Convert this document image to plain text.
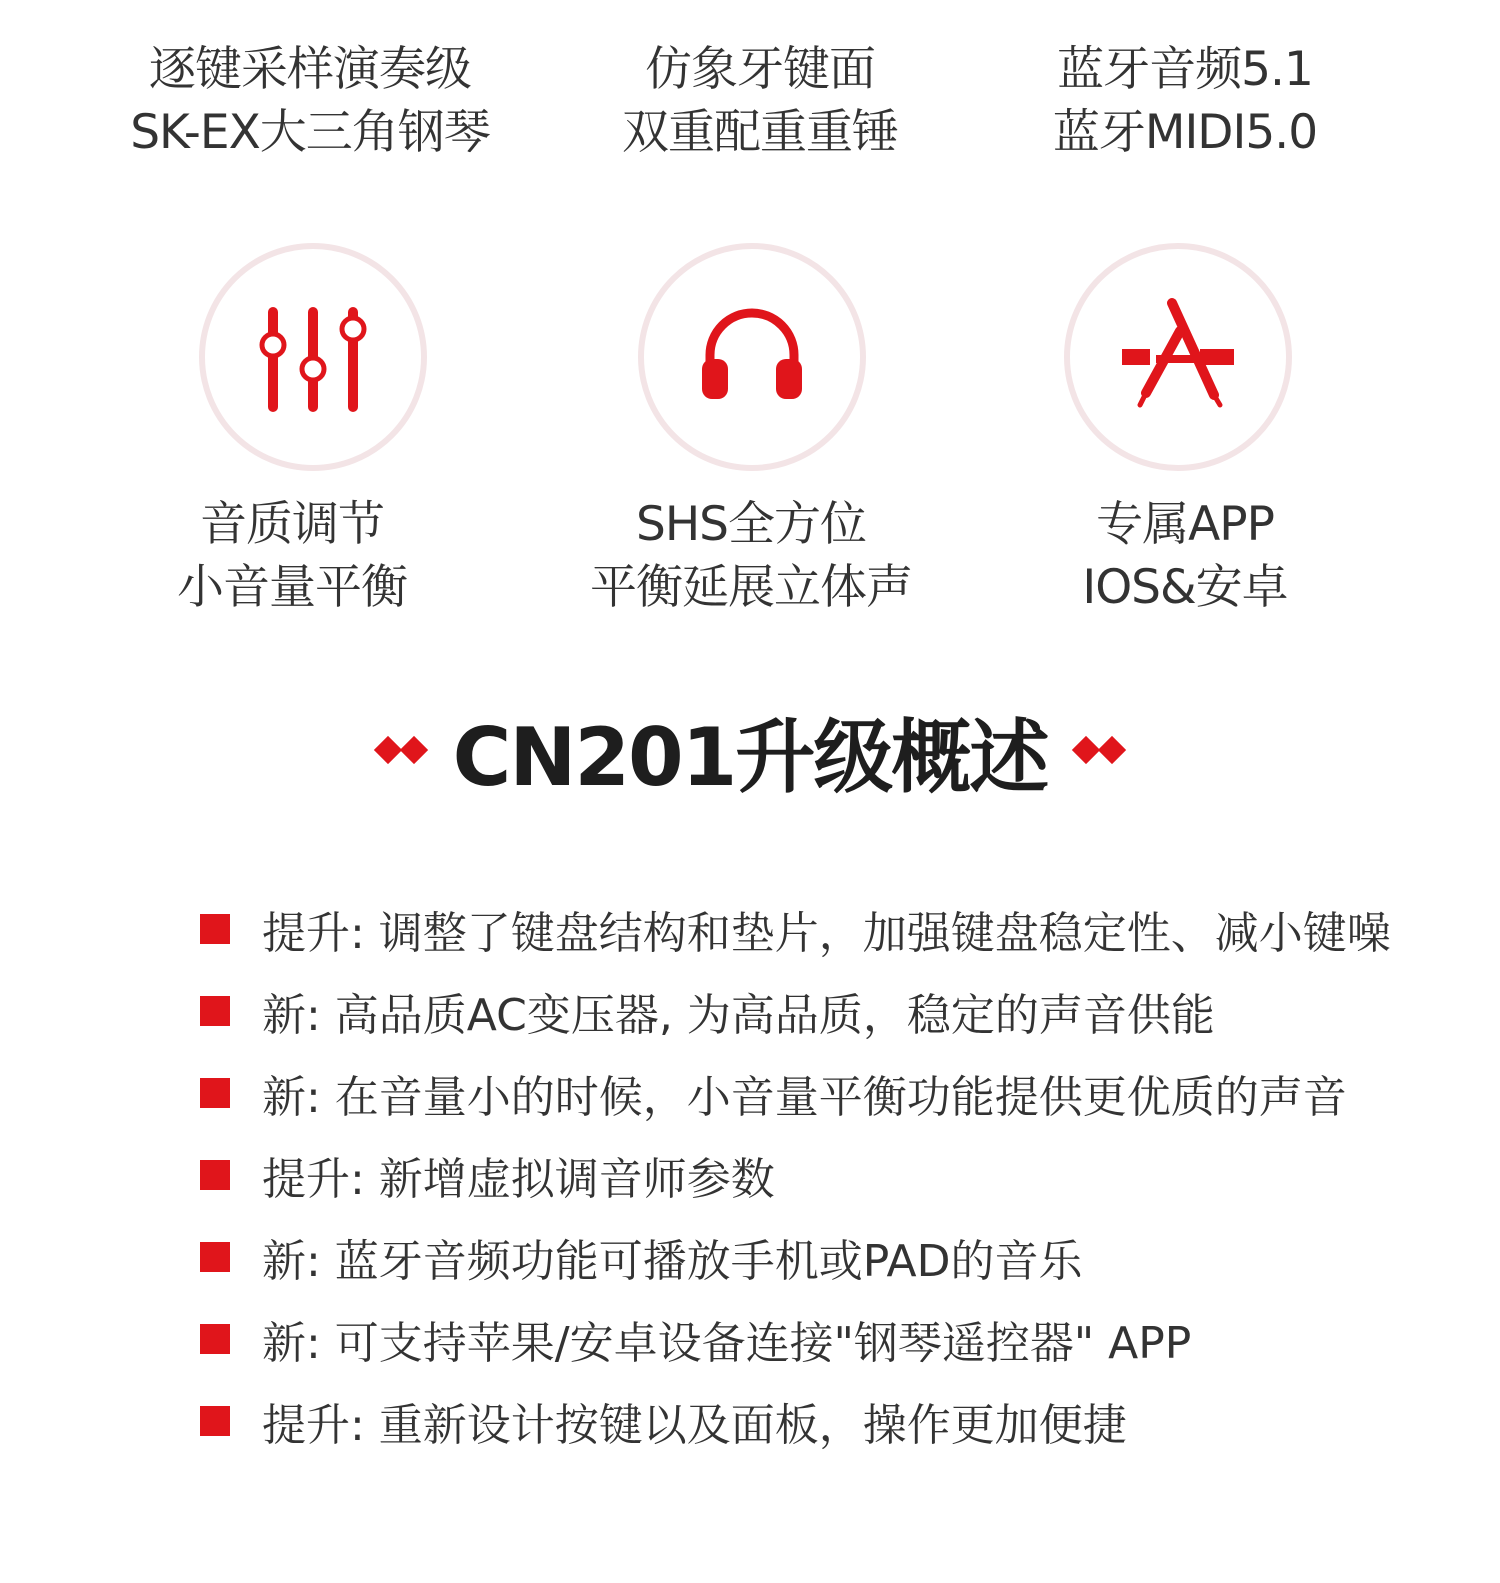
逐键采样演奏级
SK-EX大三角钢琴
仿象牙键面
双重配重重锤
蓝牙音频5.1
蓝牙MIDI5.0
音质调节
小音量平衡
SHS全方位
平衡延展立体声
专属APP
IOS&安卓
CN201升级概述
提升: 调整了键盘结构和垫片，加强键盘稳定性、减小键噪
新: 高品质AC变压器, 为高品质，稳定的声音供能
新: 在音量小的时候，小音量平衡功能提供更优质的声音
提升: 新增虚拟调音师参数
新: 蓝牙音频功能可播放手机或PAD的音乐
新: 可支持苹果/安卓设备连接"钢琴遥控器" APP
提升: 重新设计按键以及面板，操作更加便捷
